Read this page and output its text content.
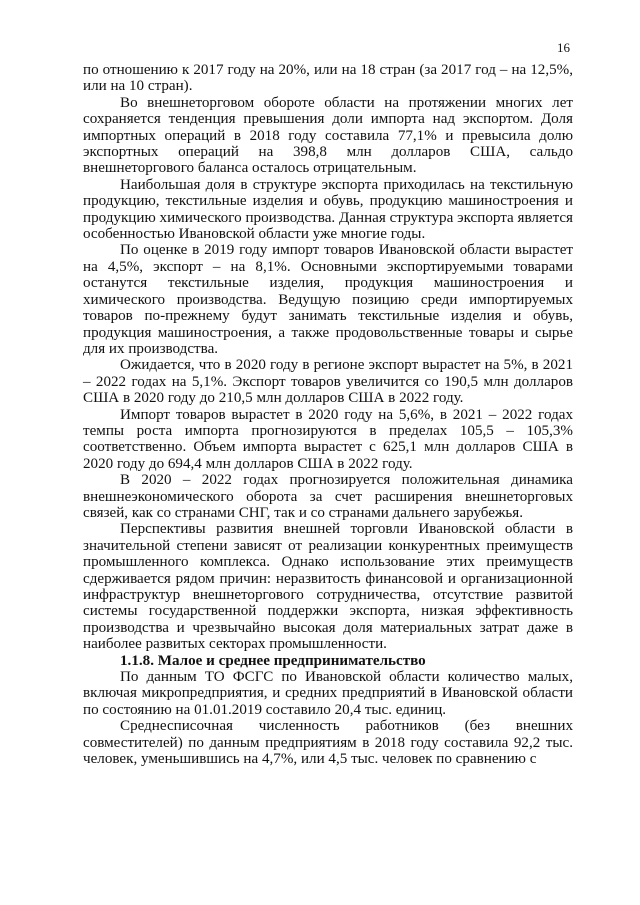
16

по отношению к 2017 году на 20%, или на 18 стран (за 2017 год – на 12,5%, или на 10 стран).

Во внешнеторговом обороте области на протяжении многих лет сохраняется тенденция превышения доли импорта над экспортом. Доля импортных операций в 2018 году составила 77,1% и превысила долю экспортных операций на 398,8 млн долларов США, сальдо внешнеторгового баланса осталось отрицательным.

Наибольшая доля в структуре экспорта приходилась на текстильную продукцию, текстильные изделия и обувь, продукцию машиностроения и продукцию химического производства. Данная структура экспорта является особенностью Ивановской области уже многие годы.

По оценке в 2019 году импорт товаров Ивановской области вырастет на 4,5%, экспорт – на 8,1%. Основными экспортируемыми товарами останутся текстильные изделия, продукция машиностроения и химического производства. Ведущую позицию среди импортируемых товаров по-прежнему будут занимать текстильные изделия и обувь, продукция машиностроения, а также продовольственные товары и сырье для их производства.

Ожидается, что в 2020 году в регионе экспорт вырастет на 5%, в 2021 – 2022 годах на 5,1%. Экспорт товаров увеличится со 190,5 млн долларов США в 2020 году до 210,5 млн долларов США в 2022 году.

Импорт товаров вырастет в 2020 году на 5,6%, в 2021 – 2022 годах темпы роста импорта прогнозируются в пределах 105,5 – 105,3% соответственно. Объем импорта вырастет с 625,1 млн долларов США в 2020 году до 694,4 млн долларов США в 2022 году.

В 2020 – 2022 годах прогнозируется положительная динамика внешнеэкономического оборота за счет расширения внешнеторговых связей, как со странами СНГ, так и со странами дальнего зарубежья.

Перспективы развития внешней торговли Ивановской области в значительной степени зависят от реализации конкурентных преимуществ промышленного комплекса. Однако использование этих преимуществ сдерживается рядом причин: неразвитость финансовой и организационной инфраструктур внешнеторгового сотрудничества, отсутствие развитой системы государственной поддержки экспорта, низкая эффективность производства и чрезвычайно высокая доля материальных затрат даже в наиболее развитых секторах промышленности.

1.1.8. Малое и среднее предпринимательство

По данным ТО ФСГС по Ивановской области количество малых, включая микропредприятия, и средних предприятий в Ивановской области по состоянию на 01.01.2019 составило 20,4 тыс. единиц.

Среднесписочная численность работников (без внешних совместителей) по данным предприятиям в 2018 году составила 92,2 тыс. человек, уменьшившись на 4,7%, или 4,5 тыс. человек по сравнению с
